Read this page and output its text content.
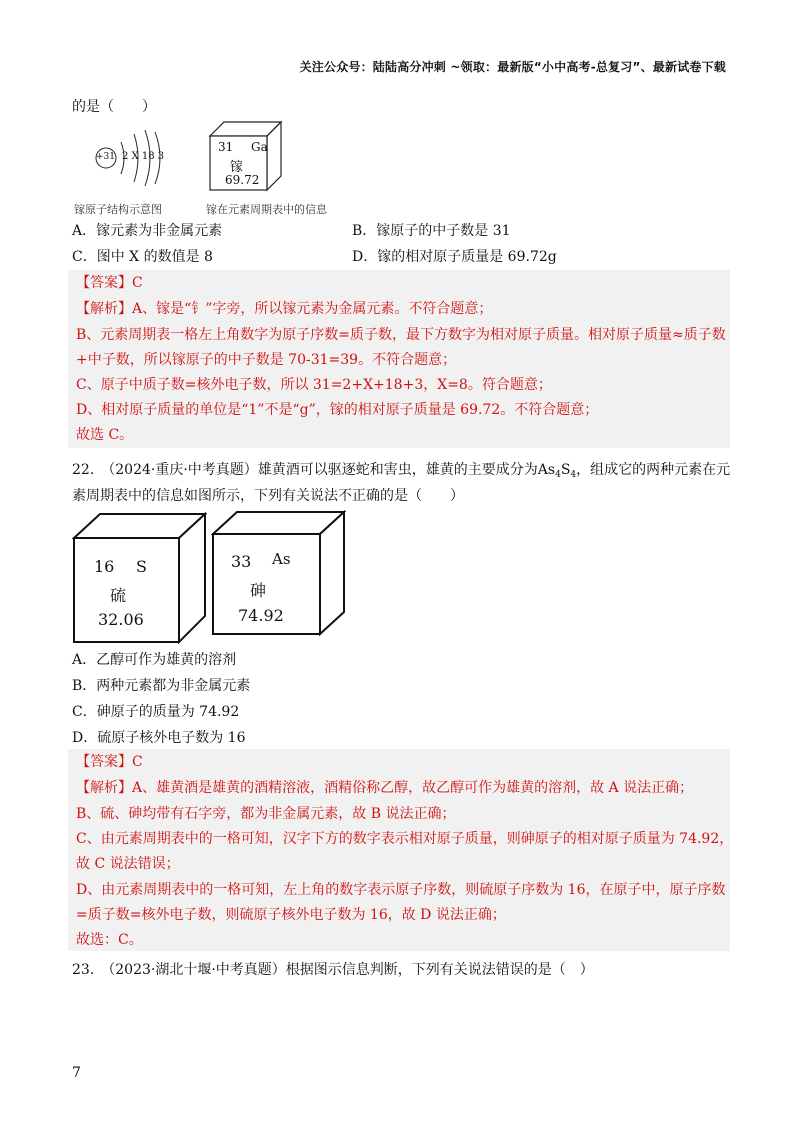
关注公众号：陆陆高分冲刺 ~领取：最新版“小中高考-总复习”、最新试卷下载
的是（　　）
+31 2 X 18 3
镓原子结构示意图
31 Ga
镓
69.72
镓在元素周期表中的信息
A．镓元素为非金属元素	B．镓原子的中子数是 31
C．图中 X 的数值是 8	D．镓的相对原子质量是 69.72g
【答案】C
【解析】A、镓是“钅”字旁，所以镓元素为金属元素。不符合题意；
B、元素周期表一格左上角数字为原子序数=质子数，最下方数字为相对原子质量。相对原子质量≈质子数
+中子数，所以镓原子的中子数是 70-31=39。不符合题意；
C、原子中质子数=核外电子数，所以 31=2+X+18+3，X=8。符合题意；
D、相对原子质量的单位是“1”不是“g”，镓的相对原子质量是 69.72。不符合题意；
故选 C。
22.　（2024·重庆·中考真题）雄黄酒可以驱逐蛇和害虫，雄黄的主要成分为$As_4S_4$，组成它的两种元素在元
素周期表中的信息如图所示，下列有关说法不正确的是（　　）
16 S
硫
32.06
33 As
砷
74.92
A．乙醇可作为雄黄的溶剂
B．两种元素都为非金属元素
C．砷原子的质量为 74.92
D．硫原子核外电子数为 16
【答案】C
【解析】A、雄黄酒是雄黄的酒精溶液，酒精俗称乙醇，故乙醇可作为雄黄的溶剂，故 A 说法正确；
B、硫、砷均带有石字旁，都为非金属元素，故 B 说法正确；
C、由元素周期表中的一格可知，汉字下方的数字表示相对原子质量，则砷原子的相对原子质量为 74.92，
故 C 说法错误；
D、由元素周期表中的一格可知，左上角的数字表示原子序数，则硫原子序数为 16，在原子中，原子序数
=质子数=核外电子数，则硫原子核外电子数为 16，故 D 说法正确；
故选：C。
23.　（2023·湖北十堰·中考真题）根据图示信息判断，下列有关说法错误的是（　）
7
